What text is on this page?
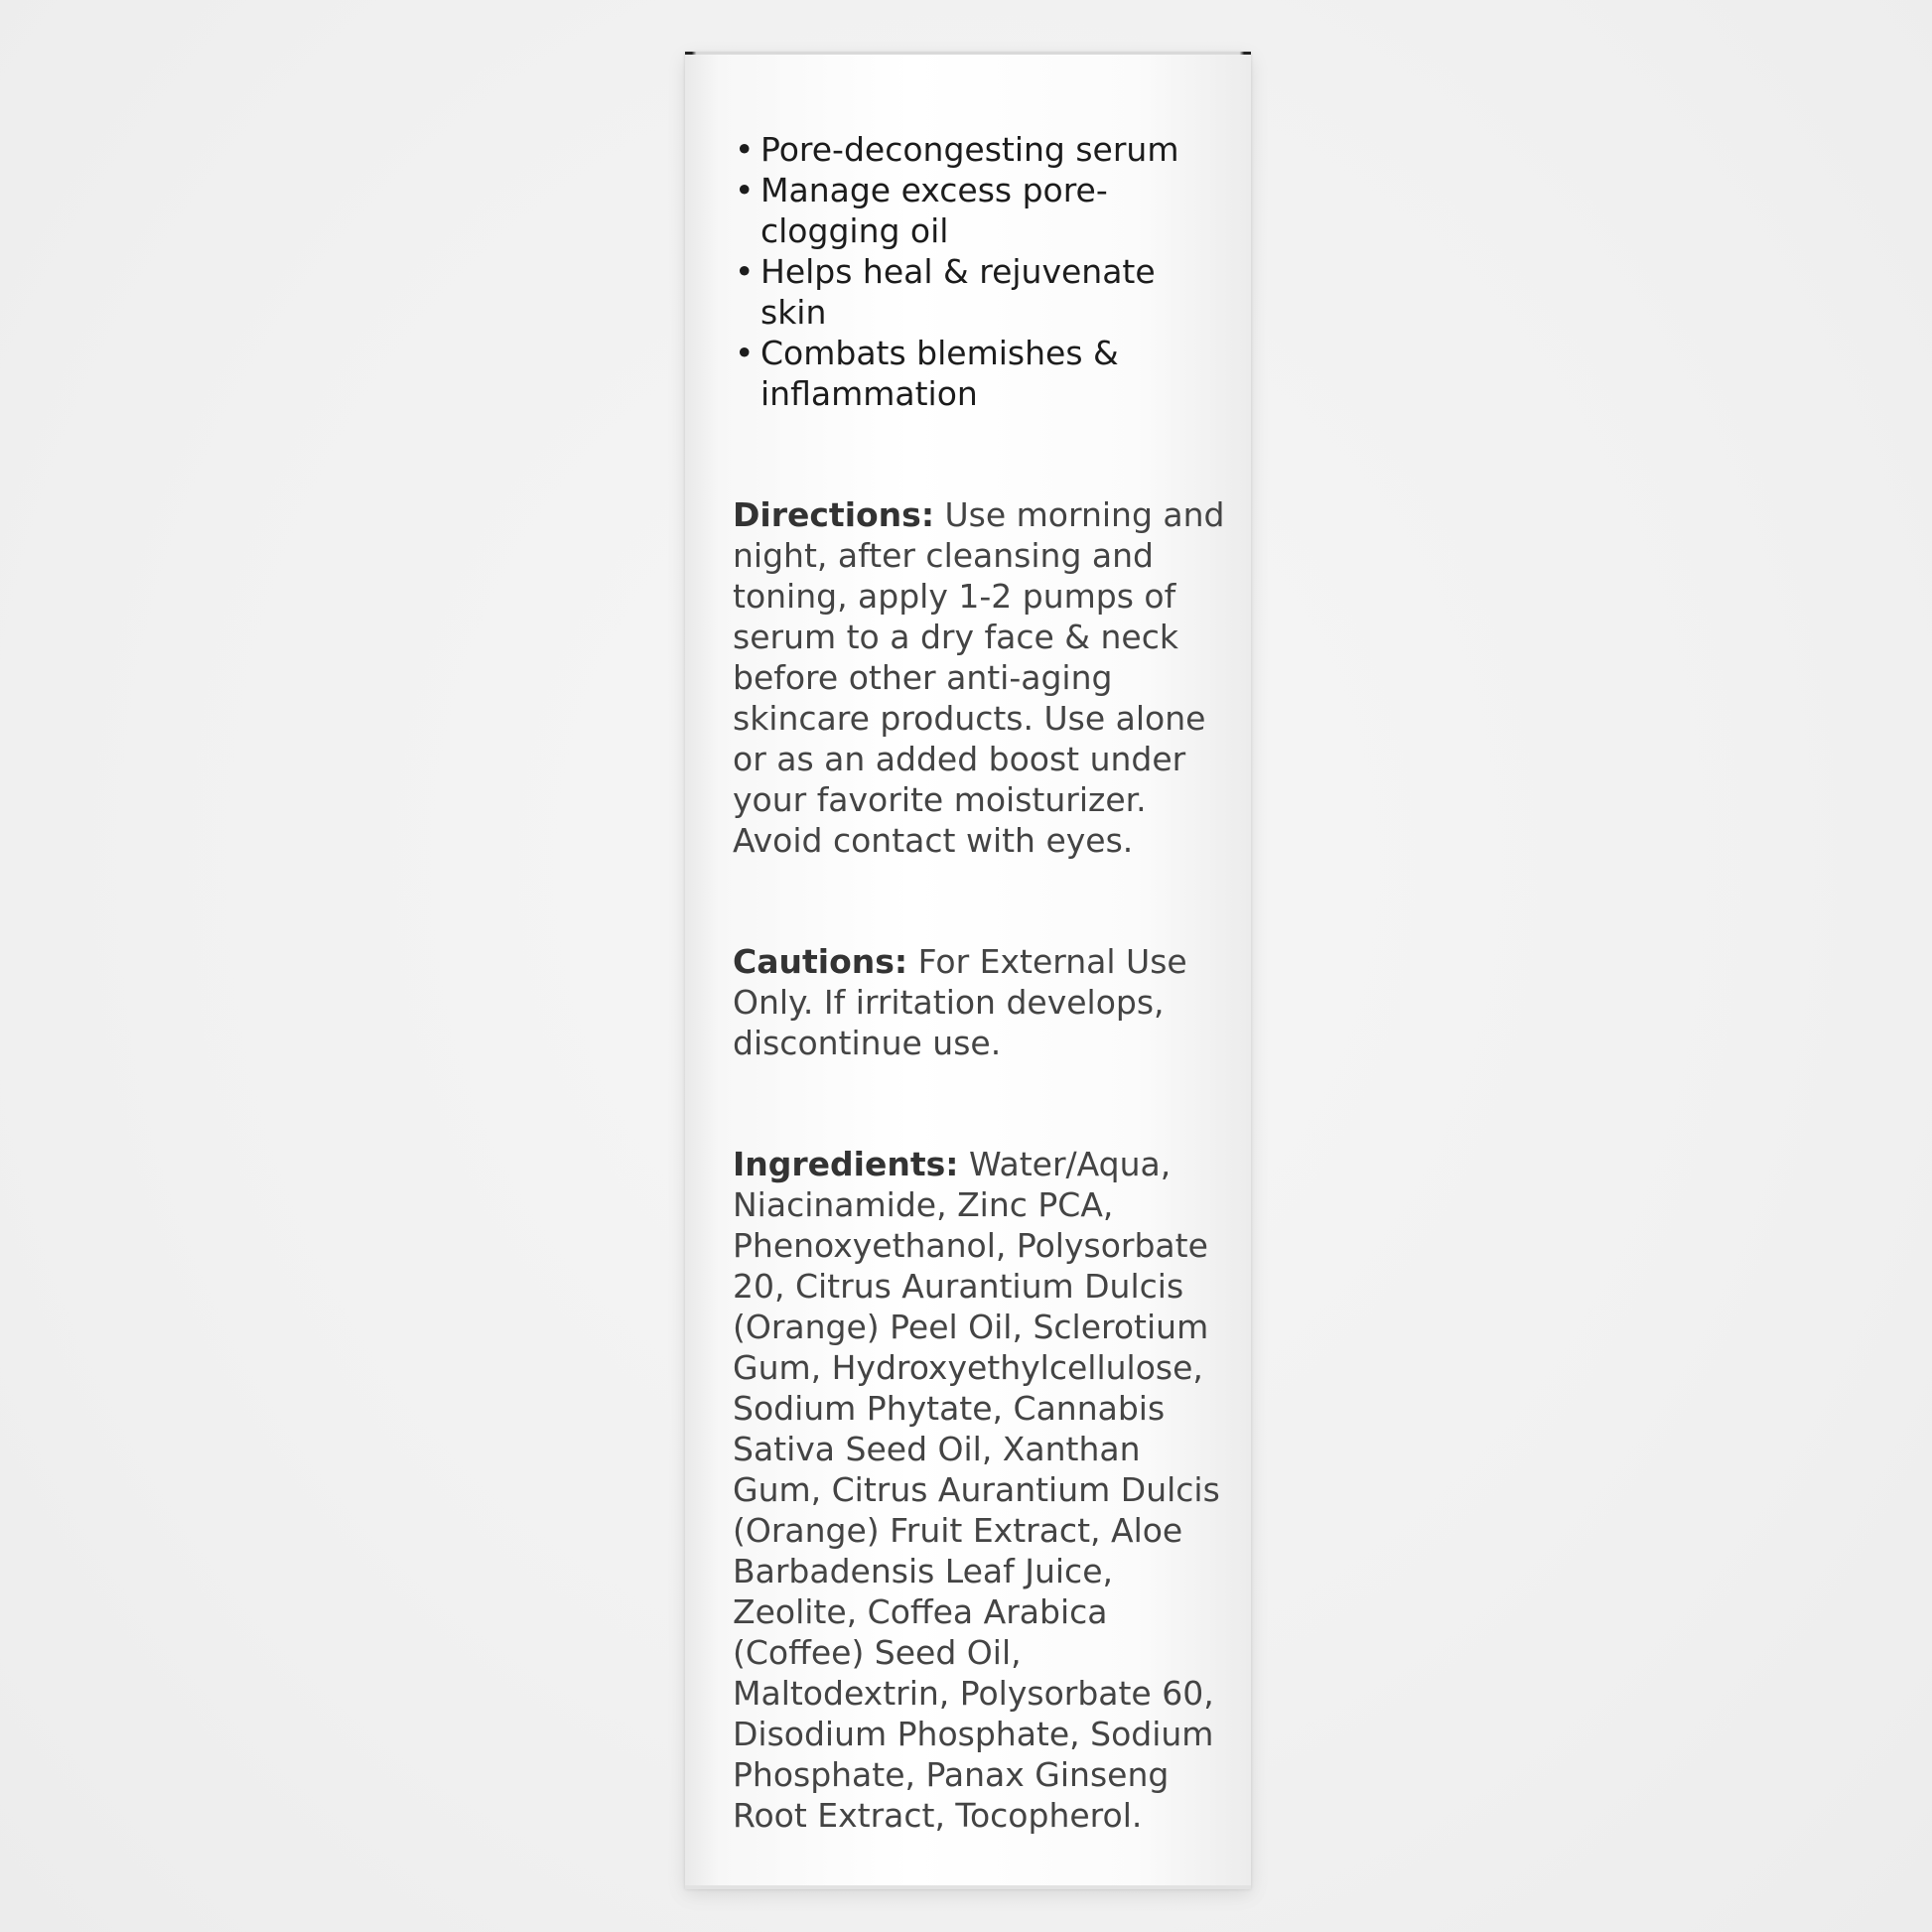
• Pore-decongesting serum
• Manage excess pore-clogging oil
• Helps heal & rejuvenate skin
• Combats blemishes & inflammation

Directions: Use morning and night, after cleansing and toning, apply 1-2 pumps of serum to a dry face & neck before other anti-aging skincare products. Use alone or as an added boost under your favorite moisturizer. Avoid contact with eyes.

Cautions: For External Use Only. If irritation develops, discontinue use.

Ingredients: Water/Aqua, Niacinamide, Zinc PCA, Phenoxyethanol, Polysorbate 20, Citrus Aurantium Dulcis (Orange) Peel Oil, Sclerotium Gum, Hydroxyethylcellulose, Sodium Phytate, Cannabis Sativa Seed Oil, Xanthan Gum, Citrus Aurantium Dulcis (Orange) Fruit Extract, Aloe Barbadensis Leaf Juice, Zeolite, Coffea Arabica (Coffee) Seed Oil, Maltodextrin, Polysorbate 60, Disodium Phosphate, Sodium Phosphate, Panax Ginseng Root Extract, Tocopherol.
